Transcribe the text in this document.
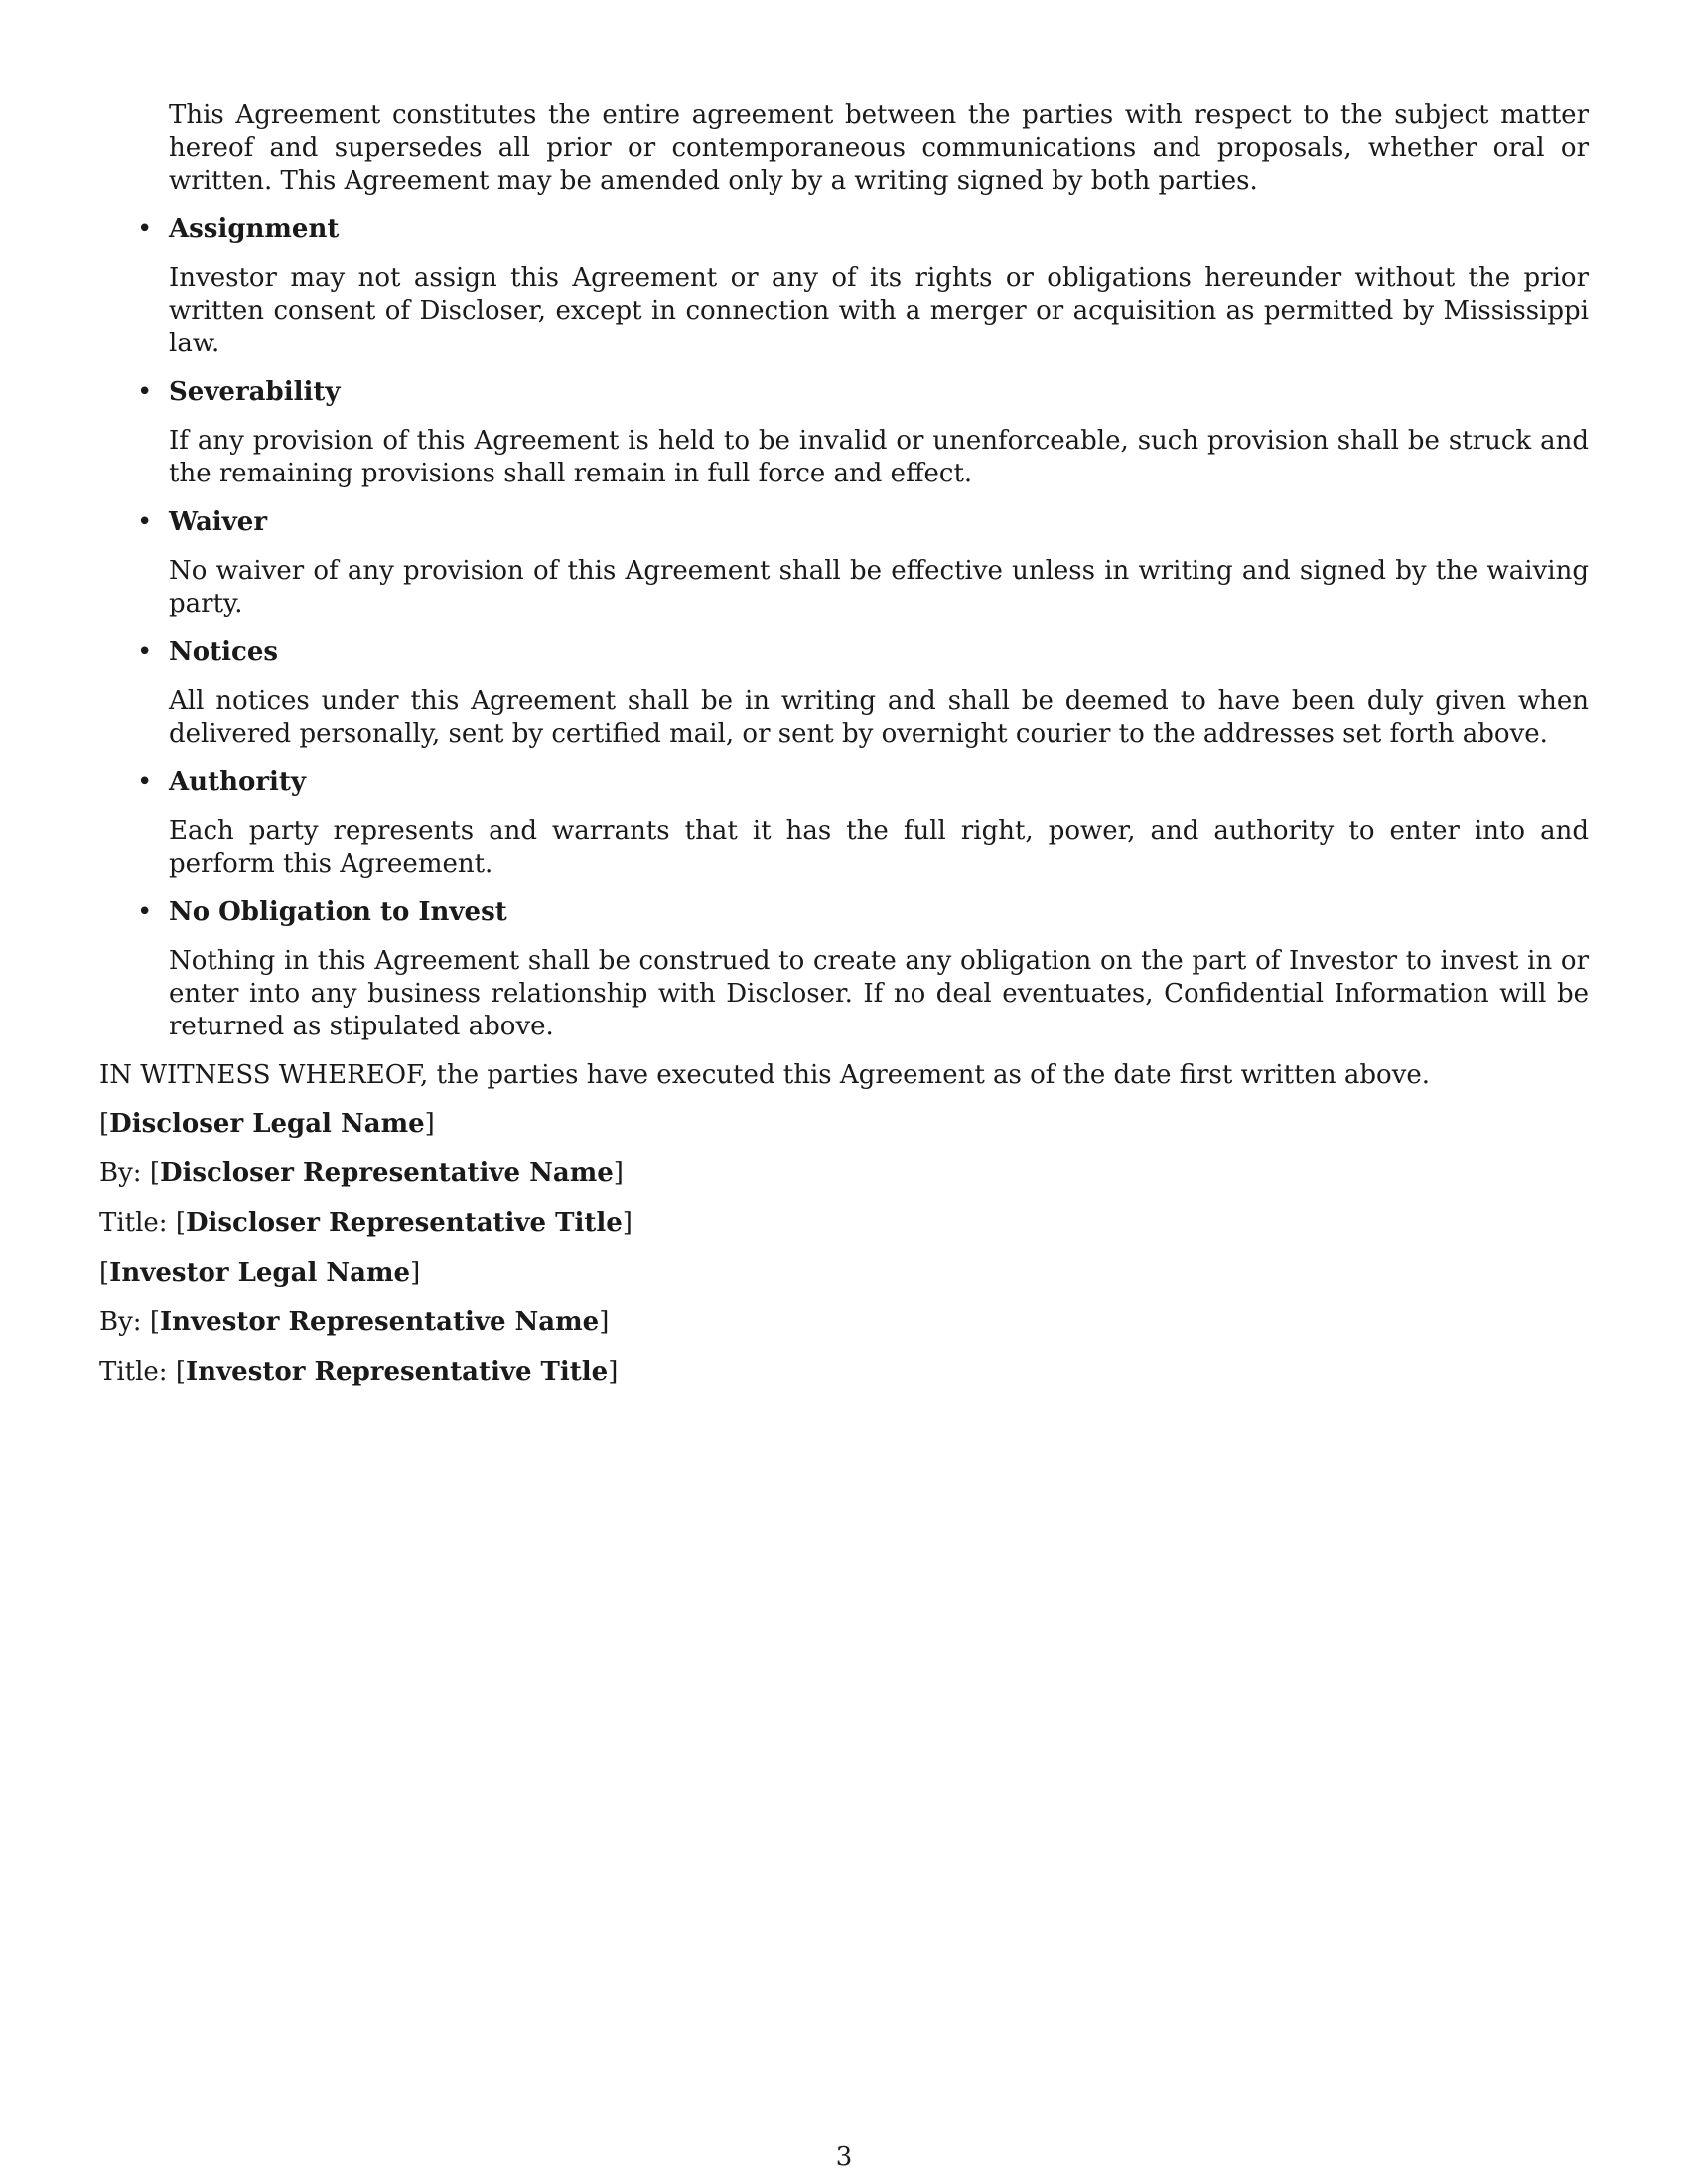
This Agreement constitutes the entire agreement between the parties with respect to the subject matter hereof and supersedes all prior or contemporaneous communications and proposals, whether oral or written. This Agreement may be amended only by a writing signed by both parties.

• Assignment

Investor may not assign this Agreement or any of its rights or obligations hereunder without the prior written consent of Discloser, except in connection with a merger or acquisition as permitted by Mississippi law.

• Severability

If any provision of this Agreement is held to be invalid or unenforceable, such provision shall be struck and the remaining provisions shall remain in full force and effect.

• Waiver

No waiver of any provision of this Agreement shall be effective unless in writing and signed by the waiving party.

• Notices

All notices under this Agreement shall be in writing and shall be deemed to have been duly given when delivered personally, sent by certified mail, or sent by overnight courier to the addresses set forth above.

• Authority

Each party represents and warrants that it has the full right, power, and authority to enter into and perform this Agreement.

• No Obligation to Invest

Nothing in this Agreement shall be construed to create any obligation on the part of Investor to invest in or enter into any business relationship with Discloser. If no deal eventuates, Confidential Information will be returned as stipulated above.

IN WITNESS WHEREOF, the parties have executed this Agreement as of the date first written above.

[Discloser Legal Name]

By: [Discloser Representative Name]

Title: [Discloser Representative Title]

[Investor Legal Name]

By: [Investor Representative Name]

Title: [Investor Representative Title]

3
